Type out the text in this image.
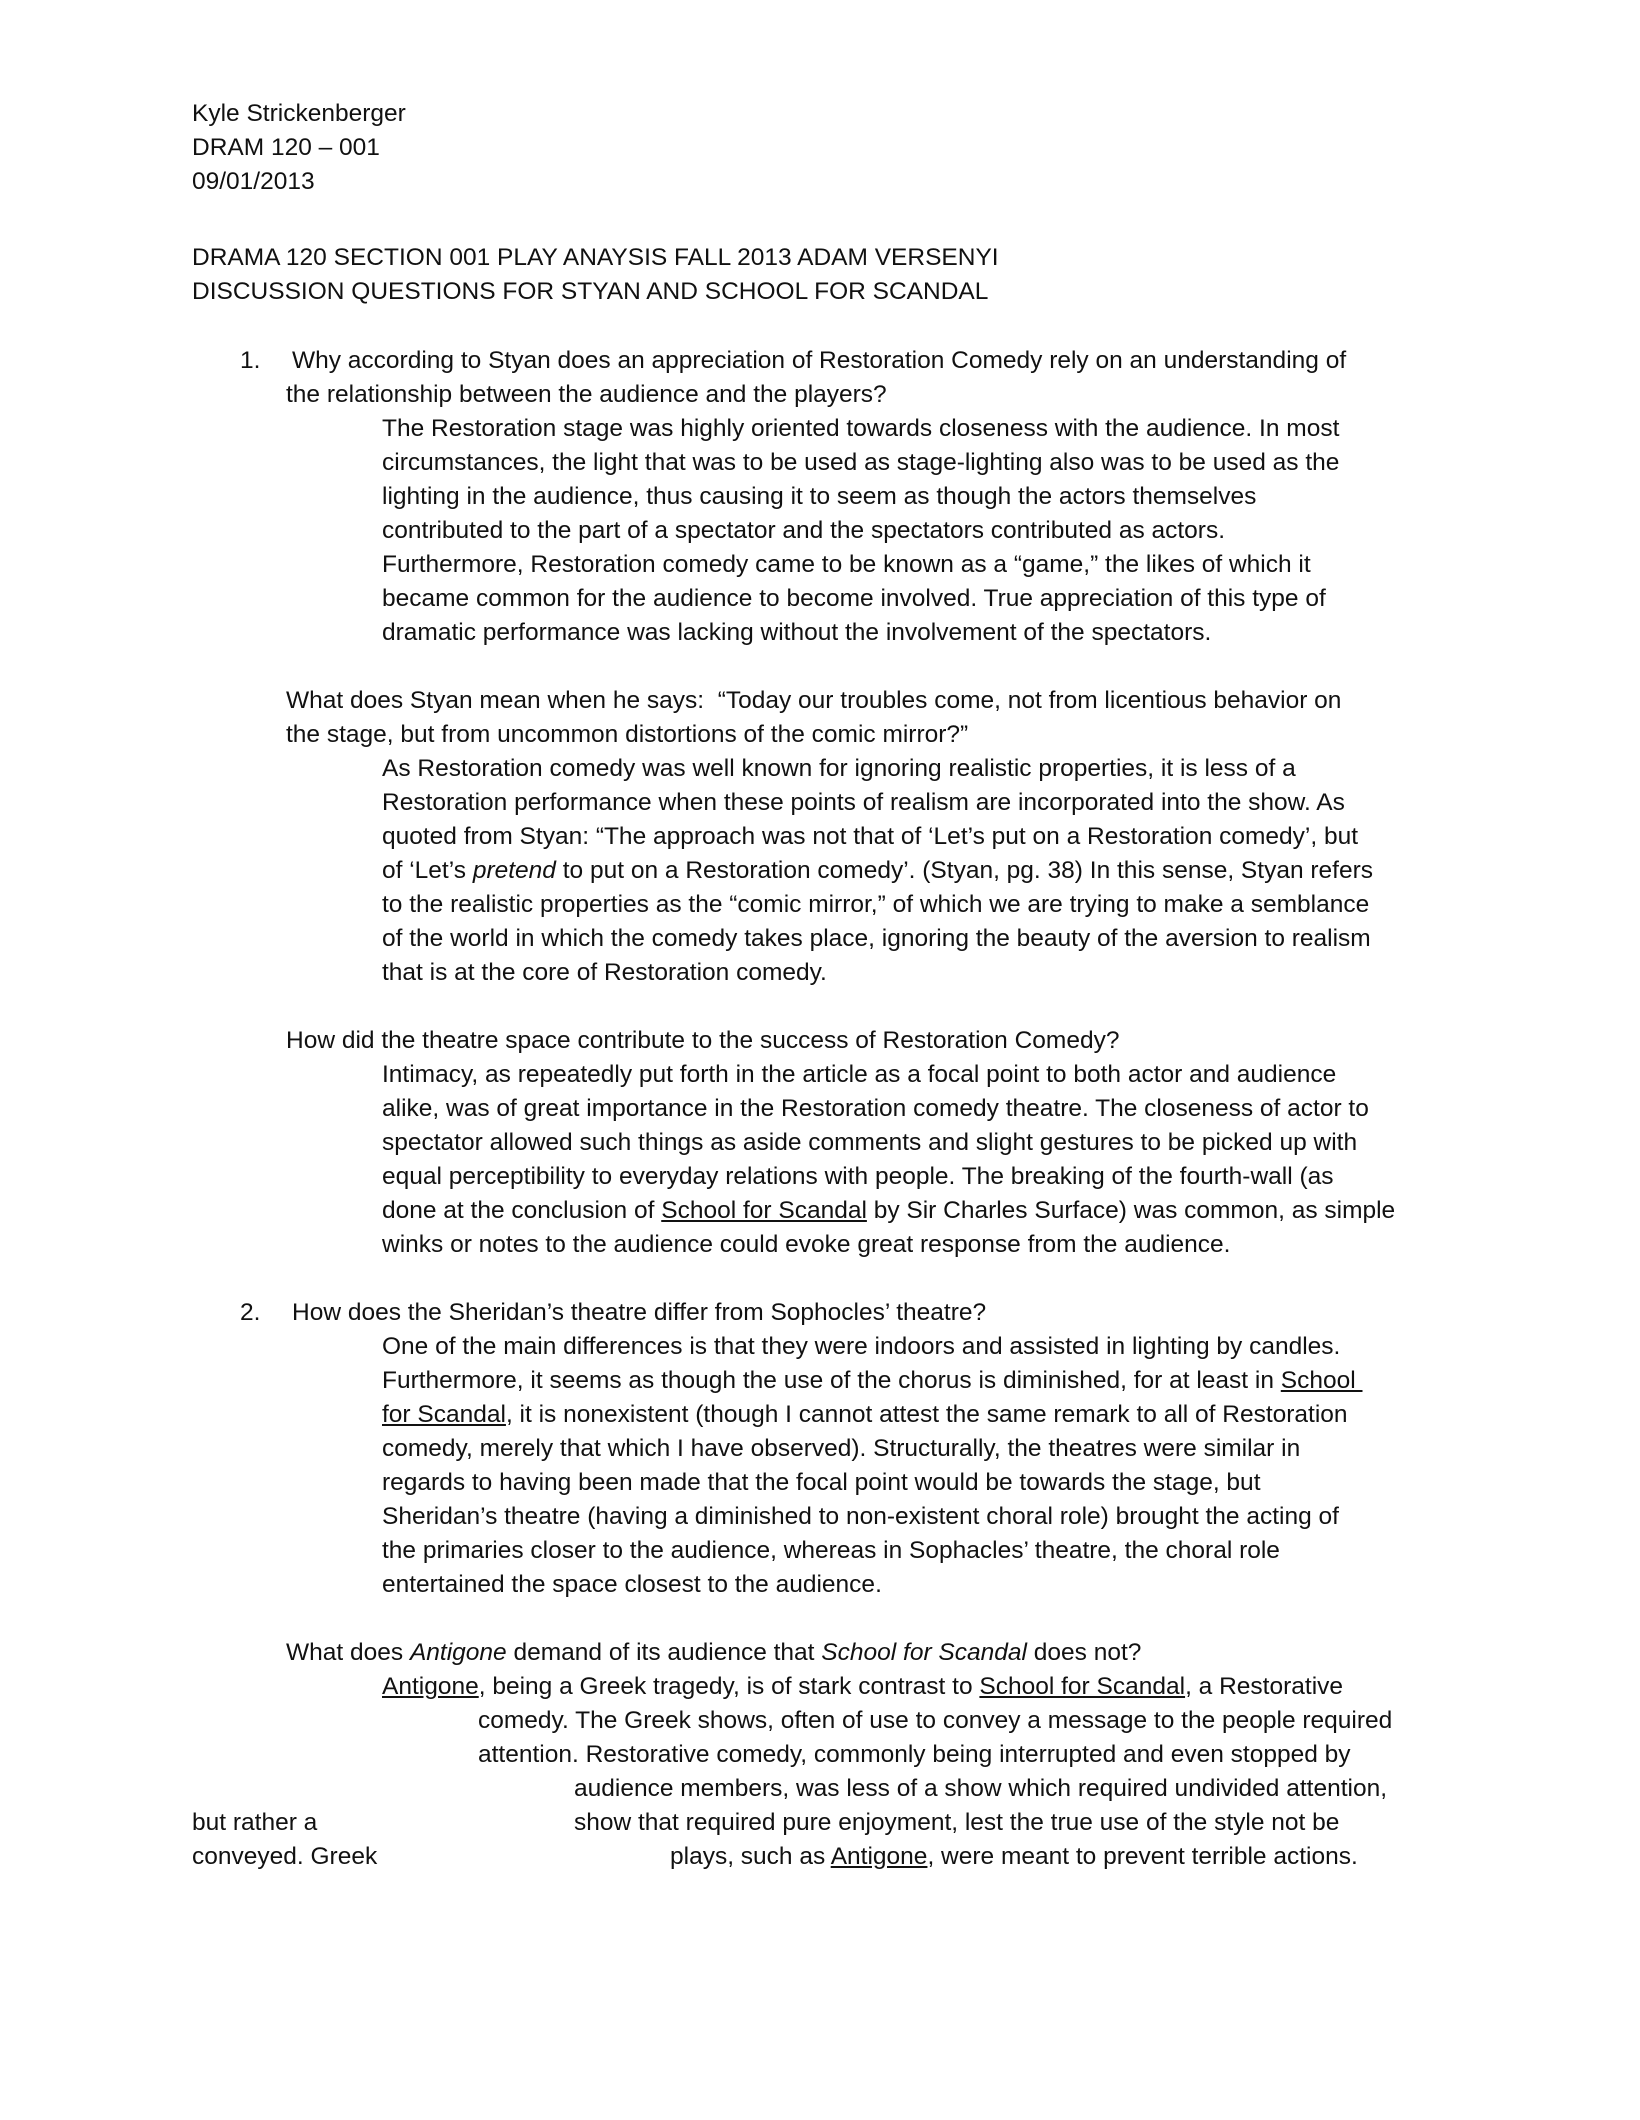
Kyle Strickenberger
DRAM 120 – 001
09/01/2013
DRAMA 120 SECTION 001 PLAY ANAYSIS FALL 2013 ADAM VERSENYI
DISCUSSION QUESTIONS FOR STYAN AND SCHOOL FOR SCANDAL
1. Why according to Styan does an appreciation of Restoration Comedy rely on an understanding of
the relationship between the audience and the players?
The Restoration stage was highly oriented towards closeness with the audience. In most
circumstances, the light that was to be used as stage-lighting also was to be used as the
lighting in the audience, thus causing it to seem as though the actors themselves
contributed to the part of a spectator and the spectators contributed as actors.
Furthermore, Restoration comedy came to be known as a “game,” the likes of which it
became common for the audience to become involved. True appreciation of this type of
dramatic performance was lacking without the involvement of the spectators.
What does Styan mean when he says:  “Today our troubles come, not from licentious behavior on
the stage, but from uncommon distortions of the comic mirror?”
As Restoration comedy was well known for ignoring realistic properties, it is less of a
Restoration performance when these points of realism are incorporated into the show. As
quoted from Styan: “The approach was not that of ‘Let’s put on a Restoration comedy’, but
of ‘Let’s pretend to put on a Restoration comedy’. (Styan, pg. 38) In this sense, Styan refers
to the realistic properties as the “comic mirror,” of which we are trying to make a semblance
of the world in which the comedy takes place, ignoring the beauty of the aversion to realism
that is at the core of Restoration comedy.
How did the theatre space contribute to the success of Restoration Comedy?
Intimacy, as repeatedly put forth in the article as a focal point to both actor and audience
alike, was of great importance in the Restoration comedy theatre. The closeness of actor to
spectator allowed such things as aside comments and slight gestures to be picked up with
equal perceptibility to everyday relations with people. The breaking of the fourth-wall (as
done at the conclusion of School for Scandal by Sir Charles Surface) was common, as simple
winks or notes to the audience could evoke great response from the audience.
2. How does the Sheridan’s theatre differ from Sophocles’ theatre?
One of the main differences is that they were indoors and assisted in lighting by candles.
Furthermore, it seems as though the use of the chorus is diminished, for at least in School
for Scandal, it is nonexistent (though I cannot attest the same remark to all of Restoration
comedy, merely that which I have observed). Structurally, the theatres were similar in
regards to having been made that the focal point would be towards the stage, but
Sheridan’s theatre (having a diminished to non-existent choral role) brought the acting of
the primaries closer to the audience, whereas in Sophacles’ theatre, the choral role
entertained the space closest to the audience.
What does Antigone demand of its audience that School for Scandal does not?
Antigone, being a Greek tragedy, is of stark contrast to School for Scandal, a Restorative
comedy. The Greek shows, often of use to convey a message to the people required
attention. Restorative comedy, commonly being interrupted and even stopped by
audience members, was less of a show which required undivided attention,
but rather a	show that required pure enjoyment, lest the true use of the style not be
conveyed. Greek	plays, such as Antigone, were meant to prevent terrible actions.
